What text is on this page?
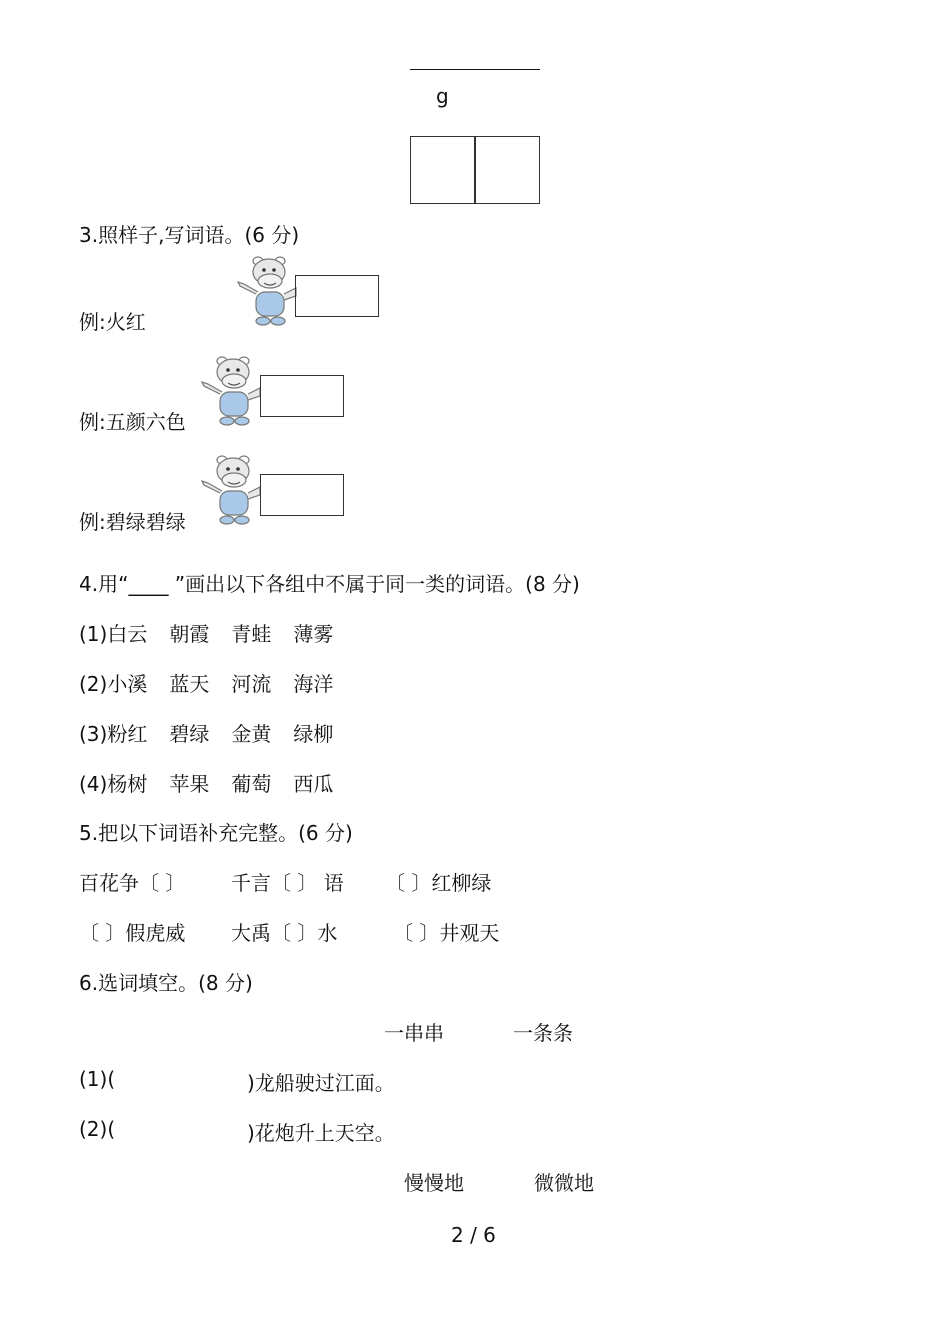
g
3.照样子,写词语。(6 分)
例:火红
例:五颜六色
例:碧绿碧绿
4.用“____ ”画出以下各组中不属于同一类的词语。(8 分)
(1)白云 朝霞 青蛙 薄雾
(2)小溪 蓝天 河流 海洋
(3)粉红 碧绿 金黄 绿柳
(4)杨树 苹果 葡萄 西瓜
5.把以下词语补充完整。(6 分)
百花争〔 〕 千言〔 〕 语 〔 〕红柳绿
〔 〕假虎威 大禹〔 〕水	〔 〕井观天
6.选词填空。(8 分)
一串串	一条条
(1)(	)龙船驶过江面。
(2)(	)花炮升上天空。
慢慢地	微微地
2 / 6
